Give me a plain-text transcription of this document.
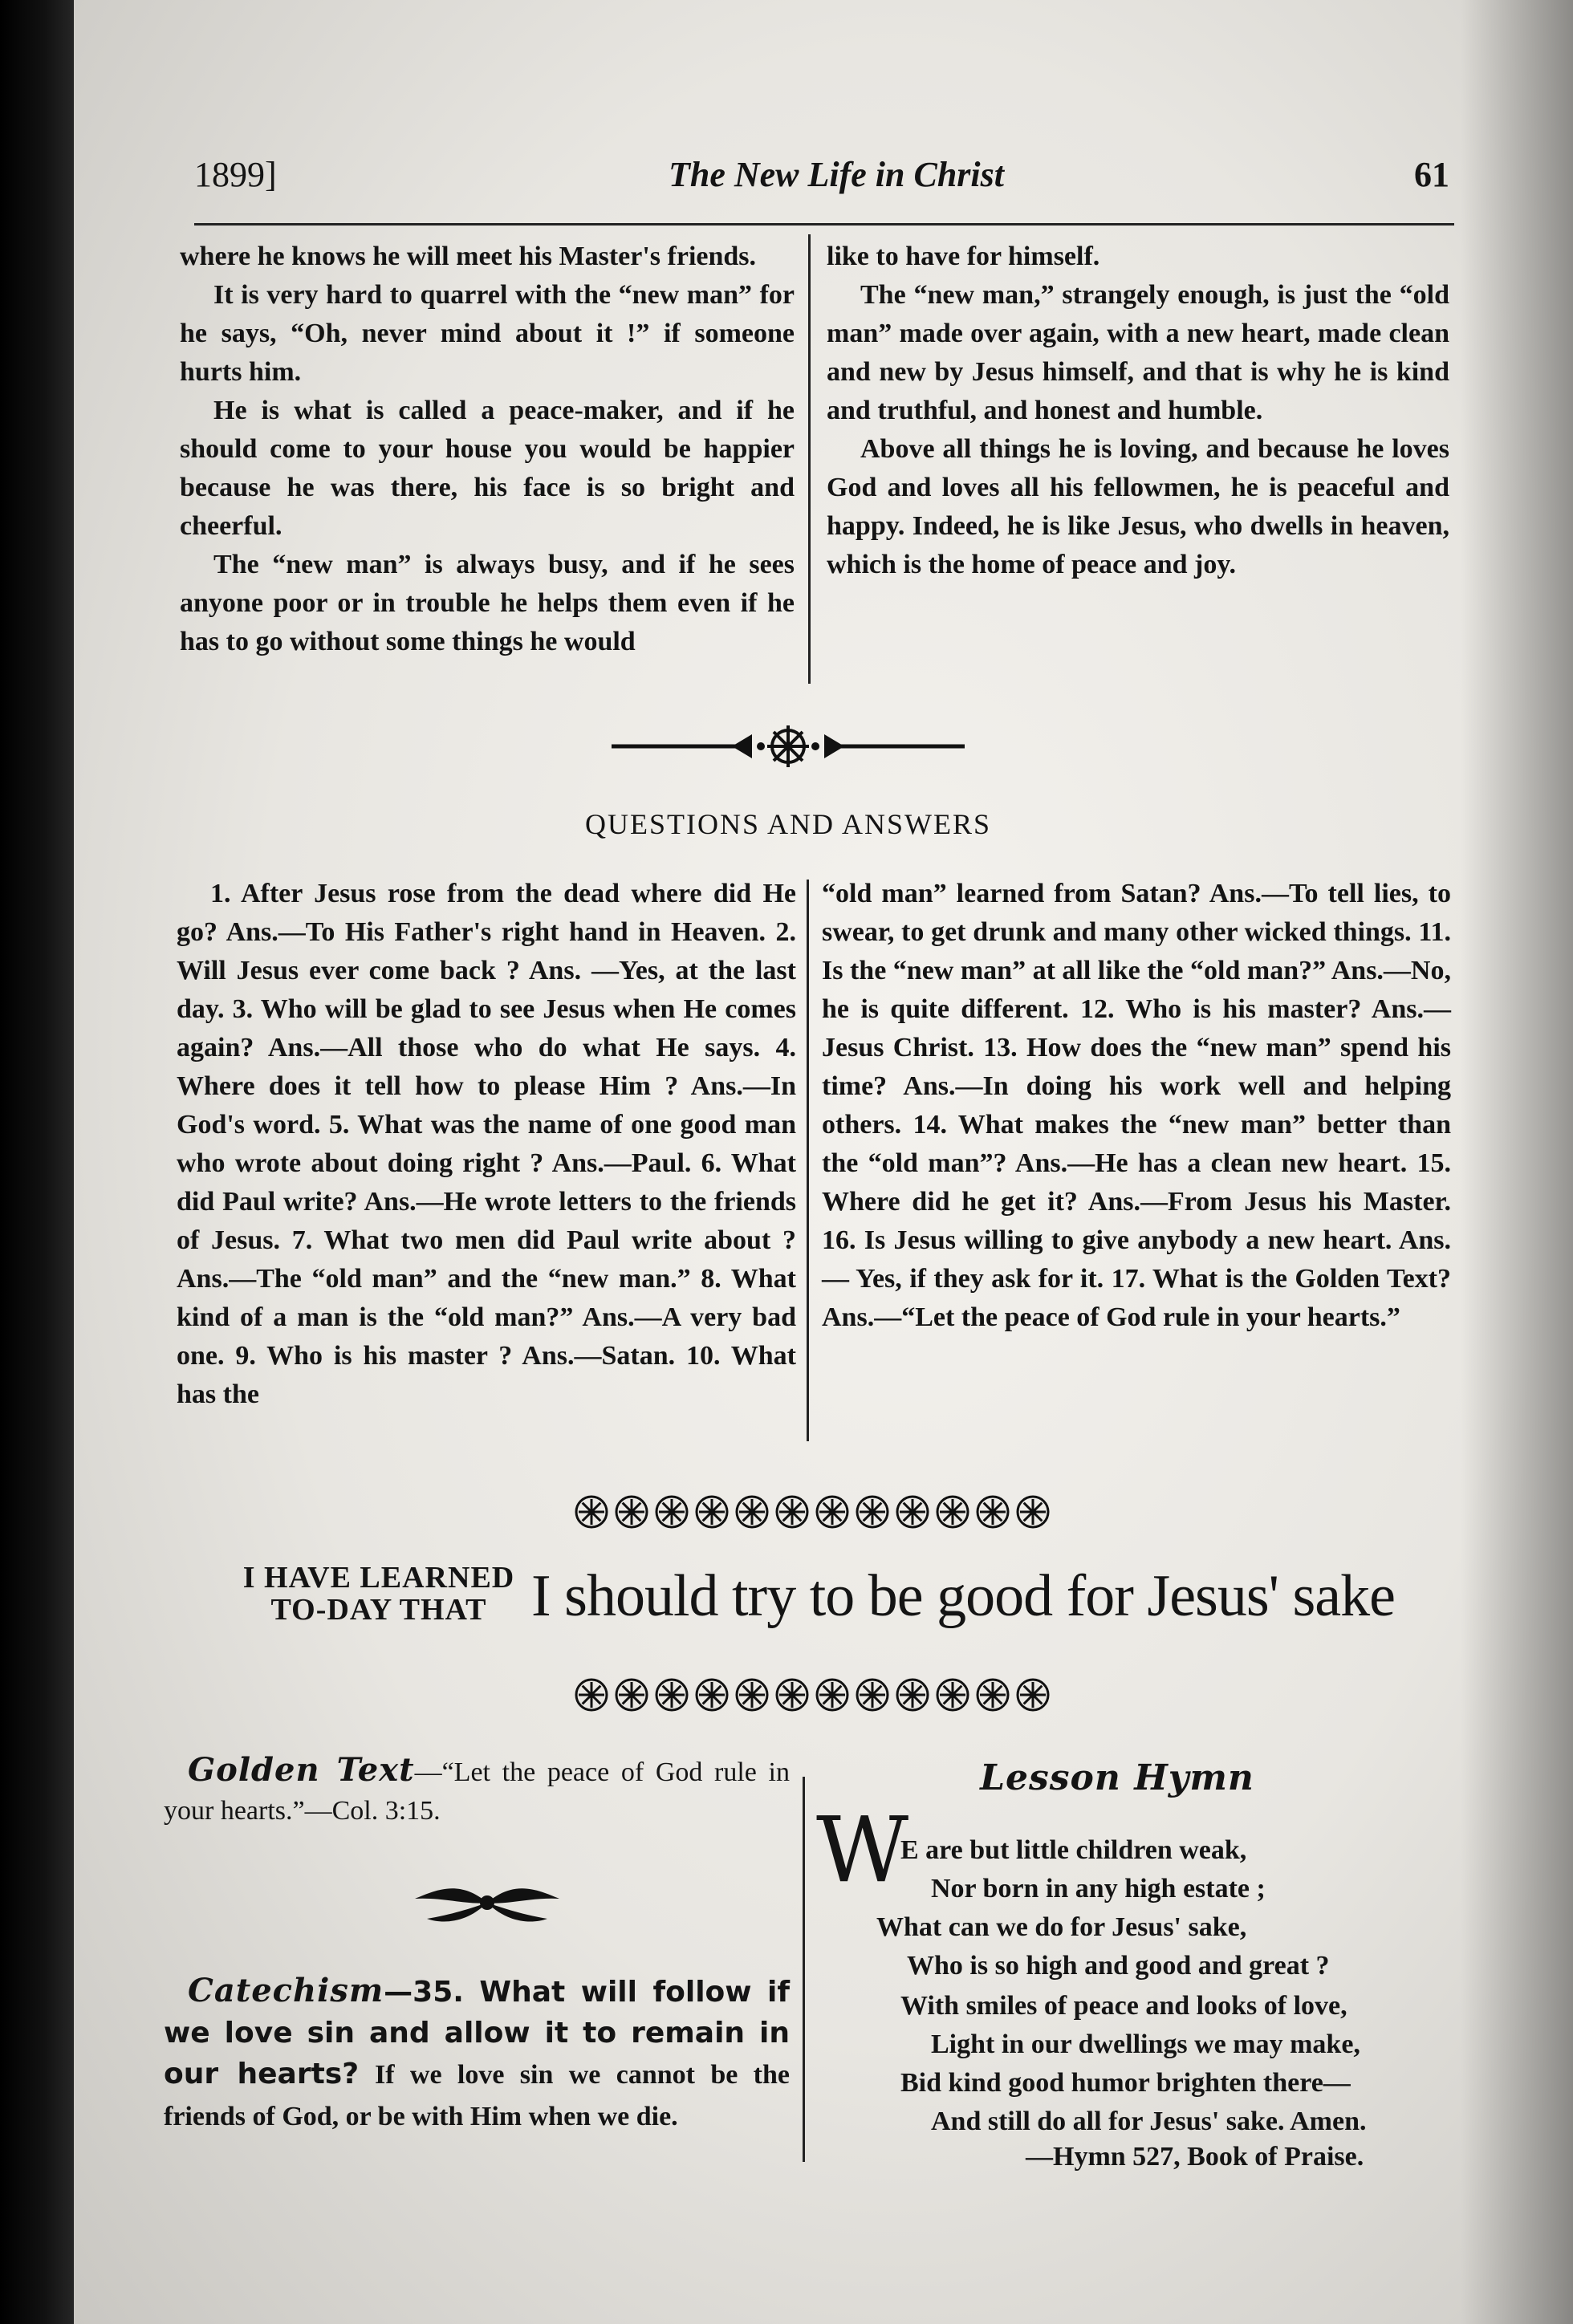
1899]	The New Life in Christ	61

where he knows he will meet his Master's friends.

It is very hard to quarrel with the “new man” for he says, “Oh, never mind about it !” if someone hurts him.

He is what is called a peace-maker, and if he should come to your house you would be happier because he was there, his face is so bright and cheerful.

The “new man” is always busy, and if he sees anyone poor or in trouble he helps them even if he has to go without some things he would

like to have for himself.

The “new man,” strangely enough, is just the “old man” made over again, with a new heart, made clean and new by Jesus himself, and that is why he is kind and truthful, and honest and humble.

Above all things he is loving, and because he loves God and loves all his fellowmen, he is peaceful and happy. Indeed, he is like Jesus, who dwells in heaven, which is the home of peace and joy.

QUESTIONS AND ANSWERS

1. After Jesus rose from the dead where did He go? Ans.—To His Father's right hand in Heaven. 2. Will Jesus ever come back ? Ans. —Yes, at the last day. 3. Who will be glad to see Jesus when He comes again? Ans.—All those who do what He says. 4. Where does it tell how to please Him ? Ans.—In God's word. 5. What was the name of one good man who wrote about doing right ? Ans.—Paul. 6. What did Paul write? Ans.—He wrote letters to the friends of Jesus. 7. What two men did Paul write about ? Ans.—The “old man” and the “new man.” 8. What kind of a man is the “old man?” Ans.—A very bad one. 9. Who is his master ? Ans.—Satan. 10. What has the

“old man” learned from Satan? Ans.—To tell lies, to swear, to get drunk and many other wicked things. 11. Is the “new man” at all like the “old man?” Ans.—No, he is quite different. 12. Who is his master? Ans.— Jesus Christ. 13. How does the “new man” spend his time? Ans.—In doing his work well and helping others. 14. What makes the “new man” better than the “old man”? Ans.—He has a clean new heart. 15. Where did he get it? Ans.—From Jesus his Master. 16. Is Jesus willing to give anybody a new heart. Ans.— Yes, if they ask for it. 17. What is the Golden Text? Ans.—“Let the peace of God rule in your hearts.”

I HAVE LEARNED
TO-DAY THAT I should try to be good for Jesus' sake

Golden Text—“Let the peace of God rule in your hearts.”—Col. 3:15.

Catechism—35. What will follow if we love sin and allow it to remain in our hearts? If we love sin we cannot be the friends of God, or be with Him when we die.

Lesson Hymn
W
E are but little children weak,
Nor born in any high estate ;
What can we do for Jesus' sake,
Who is so high and good and great ?
With smiles of peace and looks of love,
Light in our dwellings we may make,
Bid kind good humor brighten there—
And still do all for Jesus' sake. Amen.
—Hymn 527, Book of Praise.
